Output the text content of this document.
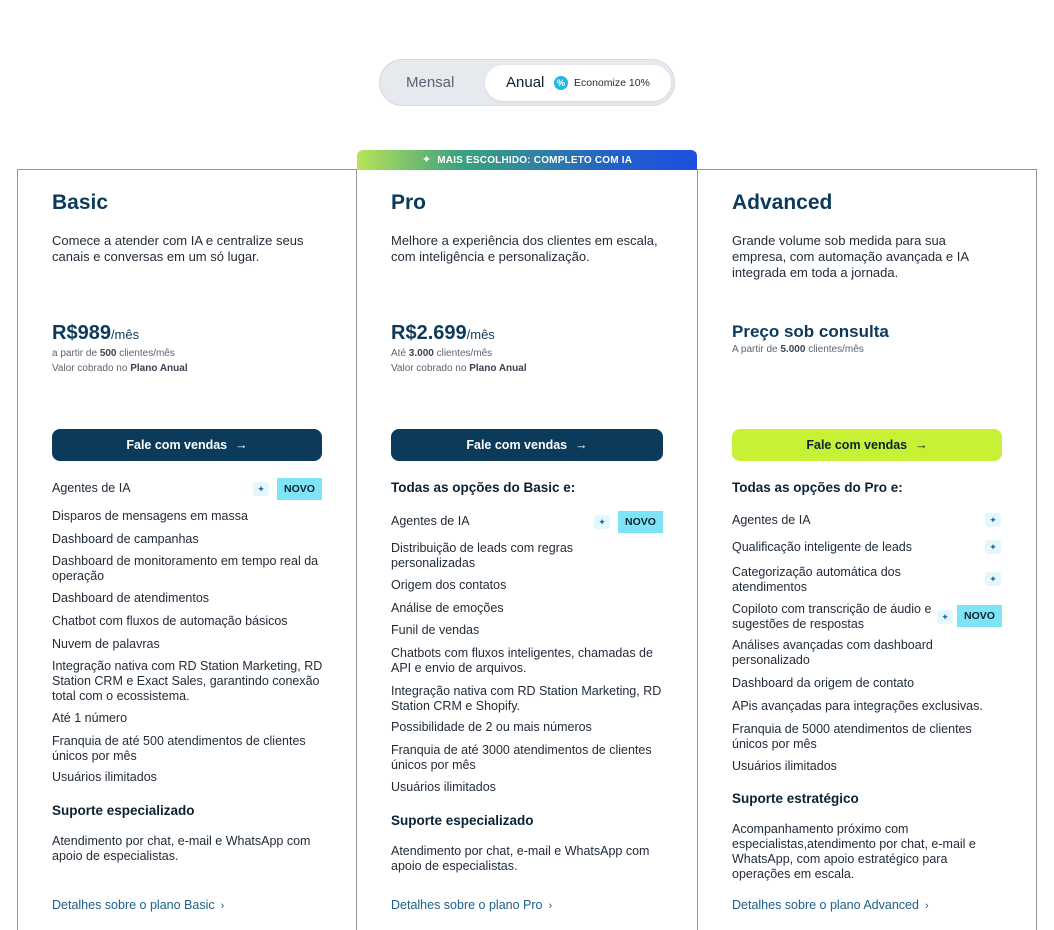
Mensal	Anual	% Economize 10%
✦ MAIS ESCOLHIDO: COMPLETO COM IA
Basic

Comece a atender com IA e centralize seus canais e conversas em um só lugar.

R$989/mês
a partir de 500 clientes/mês
Valor cobrado no Plano Anual
Fale com vendas →
Agentes de IA	✦	NOVO
Disparos de mensagens em massa
Dashboard de campanhas
Dashboard de monitoramento em tempo real da operação
Dashboard de atendimentos
Chatbot com fluxos de automação básicos
Nuvem de palavras
Integração nativa com RD Station Marketing, RD Station CRM e Exact Sales, garantindo conexão total com o ecossistema.
Até 1 número
Franquia de até 500 atendimentos de clientes únicos por mês
Usuários ilimitados
Suporte especializado
Atendimento por chat, e-mail e WhatsApp com apoio de especialistas.
Detalhes sobre o plano Basic ›
Pro

Melhore a experiência dos clientes em escala, com inteligência e personalização.

R$2.699/mês
Até 3.000 clientes/mês
Valor cobrado no Plano Anual
Fale com vendas →
Todas as opções do Basic e:
Agentes de IA	✦	NOVO
Distribuição de leads com regras personalizadas
Origem dos contatos
Análise de emoções
Funil de vendas
Chatbots com fluxos inteligentes, chamadas de API e envio de arquivos.
Integração nativa com RD Station Marketing, RD Station CRM e Shopify.
Possibilidade de 2 ou mais números
Franquia de até 3000 atendimentos de clientes únicos por mês
Usuários ilimitados
Suporte especializado
Atendimento por chat, e-mail e WhatsApp com apoio de especialistas.
Detalhes sobre o plano Pro ›
Advanced

Grande volume sob medida para sua empresa, com automação avançada e IA integrada em toda a jornada.

Preço sob consulta
A partir de 5.000 clientes/mês
Fale com vendas →
Todas as opções do Pro e:
Agentes de IA	✦
Qualificação inteligente de leads	✦
Categorização automática dos atendimentos
✦
Copiloto com transcrição de áudio e sugestões de respostas	✦	NOVO
Análises avançadas com dashboard personalizado
Dashboard da origem de contato
APis avançadas para integrações exclusivas.
Franquia de 5000 atendimentos de clientes únicos por mês
Usuários ilimitados
Suporte estratégico
Acompanhamento próximo com especialistas,atendimento por chat, e-mail e WhatsApp, com apoio estratégico para operações em escala.
Detalhes sobre o plano Advanced ›
